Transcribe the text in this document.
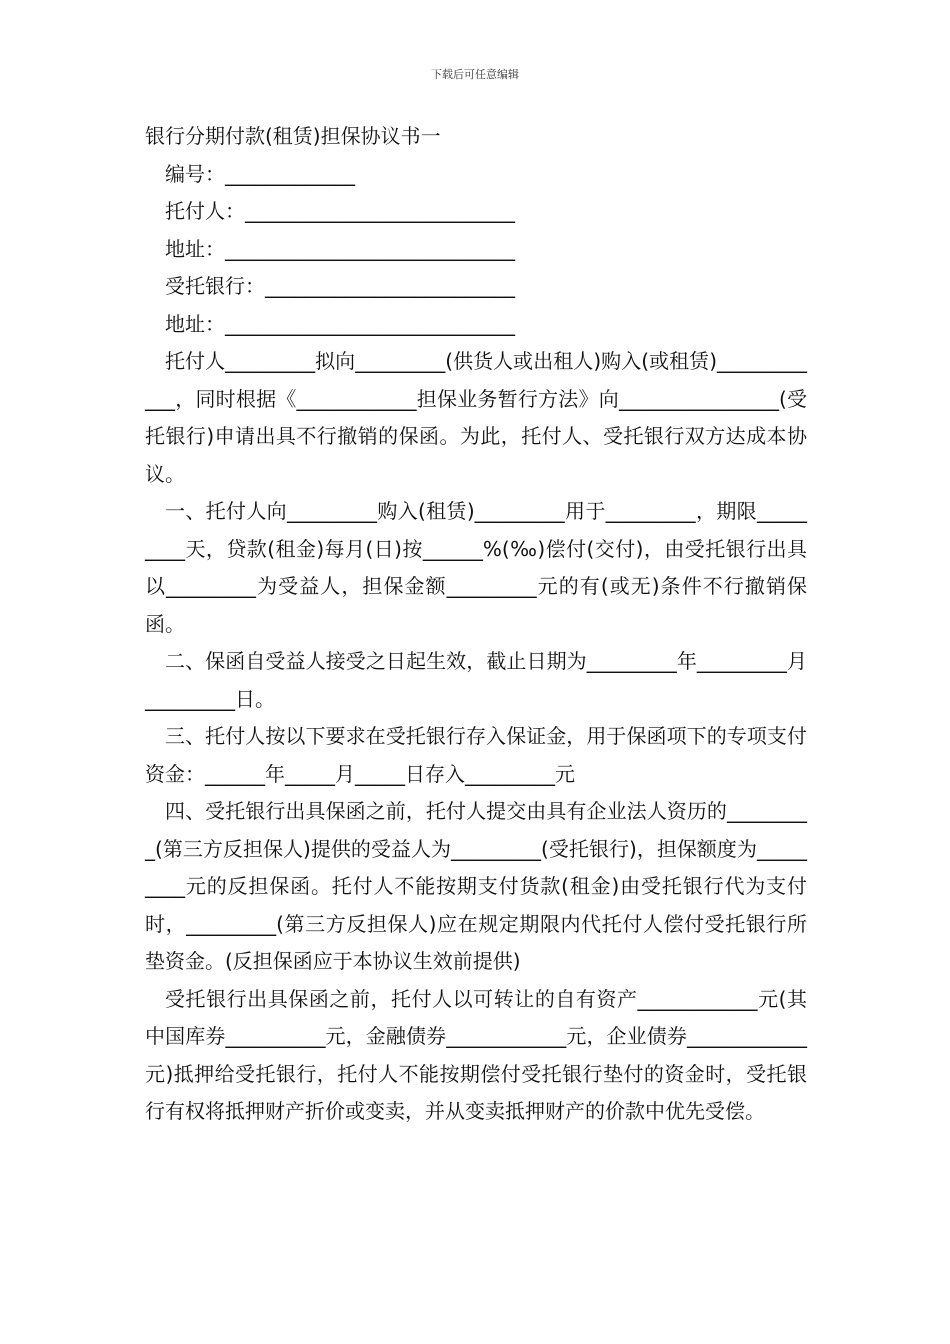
下载后可任意编辑

银行分期付款(租赁)担保协议书一

编号：_____________

托付人：___________________________

地址：_____________________________

受托银行：_________________________

地址：_____________________________

托付人_________拟向_________(供货人或出租人)购入(或租赁)____________，同时根据《____________担保业务暂行方法》向________________(受托银行)申请出具不行撤销的保函。为此，托付人、受托银行双方达成本协议。

一、托付人向_________购入(租赁)_________用于_________，期限_________天，贷款(租金)每月(日)按______%(‰)偿付(交付)，由受托银行出具以_________为受益人，担保金额_________元的有(或无)条件不行撤销保函。

二、保函自受益人接受之日起生效，截止日期为_________年_________月_________日。

三、托付人按以下要求在受托银行存入保证金，用于保函项下的专项支付资金：______年_____月_____日存入_________元

四、受托银行出具保函之前，托付人提交由具有企业法人资历的_________(第三方反担保人)提供的受益人为_________(受托银行)，担保额度为_________元的反担保函。托付人不能按期支付货款(租金)由受托银行代为支付时，_________(第三方反担保人)应在规定期限内代托付人偿付受托银行所垫资金。(反担保函应于本协议生效前提供)

受托银行出具保函之前，托付人以可转让的自有资产____________元(其中国库券__________元，金融债券____________元，企业债券____________元)抵押给受托银行，托付人不能按期偿付受托银行垫付的资金时，受托银行有权将抵押财产折价或变卖，并从变卖抵押财产的价款中优先受偿。
